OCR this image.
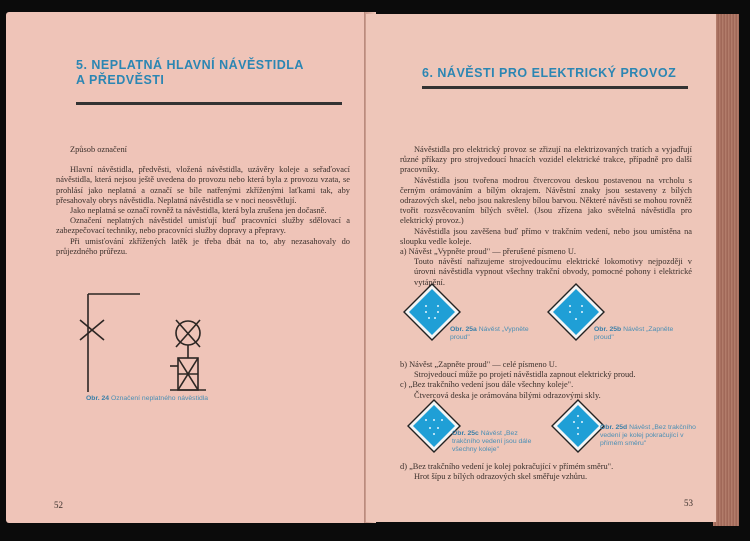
5. NEPLATNÁ HLAVNÍ NÁVĚSTIDLA
A PŘEDVĚSTI

Způsob označení

Hlavní návěstidla, předvěsti, vložená návěstidla, uzávěry koleje a seřaďovací návěstidla, která nejsou ještě uvedena do provozu nebo která byla z provozu vzata, se prohlásí jako neplatná a označí se bíle natřenými zkříženými laťkami tak, aby přesahovaly obrys návěstidla. Neplatná návěstidla se v noci neosvětlují.

Jako neplatná se označí rovněž ta návěstidla, která byla zrušena jen dočasně.

Označení neplatných návěstidel umisťují buď pracovníci služby sdělovací a zabezpečovací techniky, nebo pracovníci služby dopravy a přepravy.

Při umisťování zkřížených latěk je třeba dbát na to, aby nezasahovaly do průjezdného průřezu.

Obr. 24 Označení neplatného návěstidla
52
6. NÁVĚSTI PRO ELEKTRICKÝ PROVOZ

Návěstidla pro elektrický provoz se zřizují na elektrizovaných tratích a vyjadřují různé příkazy pro strojvedoucí hnacích vozidel elektrické trakce, případně pro další pracovníky.

Návěstidla jsou tvořena modrou čtvercovou deskou postavenou na vrcholu s černým orámováním a bílým okrajem. Návěstní znaky jsou sestaveny z bílých odrazových skel, nebo jsou nakresleny bílou barvou. Některé návěsti se mohou rovněž tvořit rozsvěcovaním bílých světel. (Jsou zřízena jako světelná návěstidla pro elektrický provoz.)

Návěstidla jsou zavěšena buď přímo v trakčním vedení, nebo jsou umístěna na sloupku vedle koleje.

a) Návěst „Vypněte proud" — přerušené písmeno U.

Touto návěstí nařizujeme strojvedoucímu elektrické lokomotivy nejpozději v úrovni návěstidla vypnout všechny trakční obvody, pomocné pohony i elektrické vytápění.

Obr. 25a Návěst „Vypněte proud"
Obr. 25b Návěst „Zapněte proud"

b) Návěst „Zapněte proud" — celé písmeno U.

Strojvedoucí může po projetí návěstidla zapnout elektrický proud.

c) „Bez trakčního vedení jsou dále všechny koleje".

Čtvercová deska je orámována bílými odrazovými skly.

Obr. 25c Návěst „Bez trakčního vedení jsou dále všechny koleje"
Obr. 25d Návěst „Bez trakčního vedení je kolej pokračující v přímém směru"

d) „Bez trakčního vedení je kolej pokračující v přímém směru".

Hrot šípu z bílých odrazových skel směřuje vzhůru.

53
